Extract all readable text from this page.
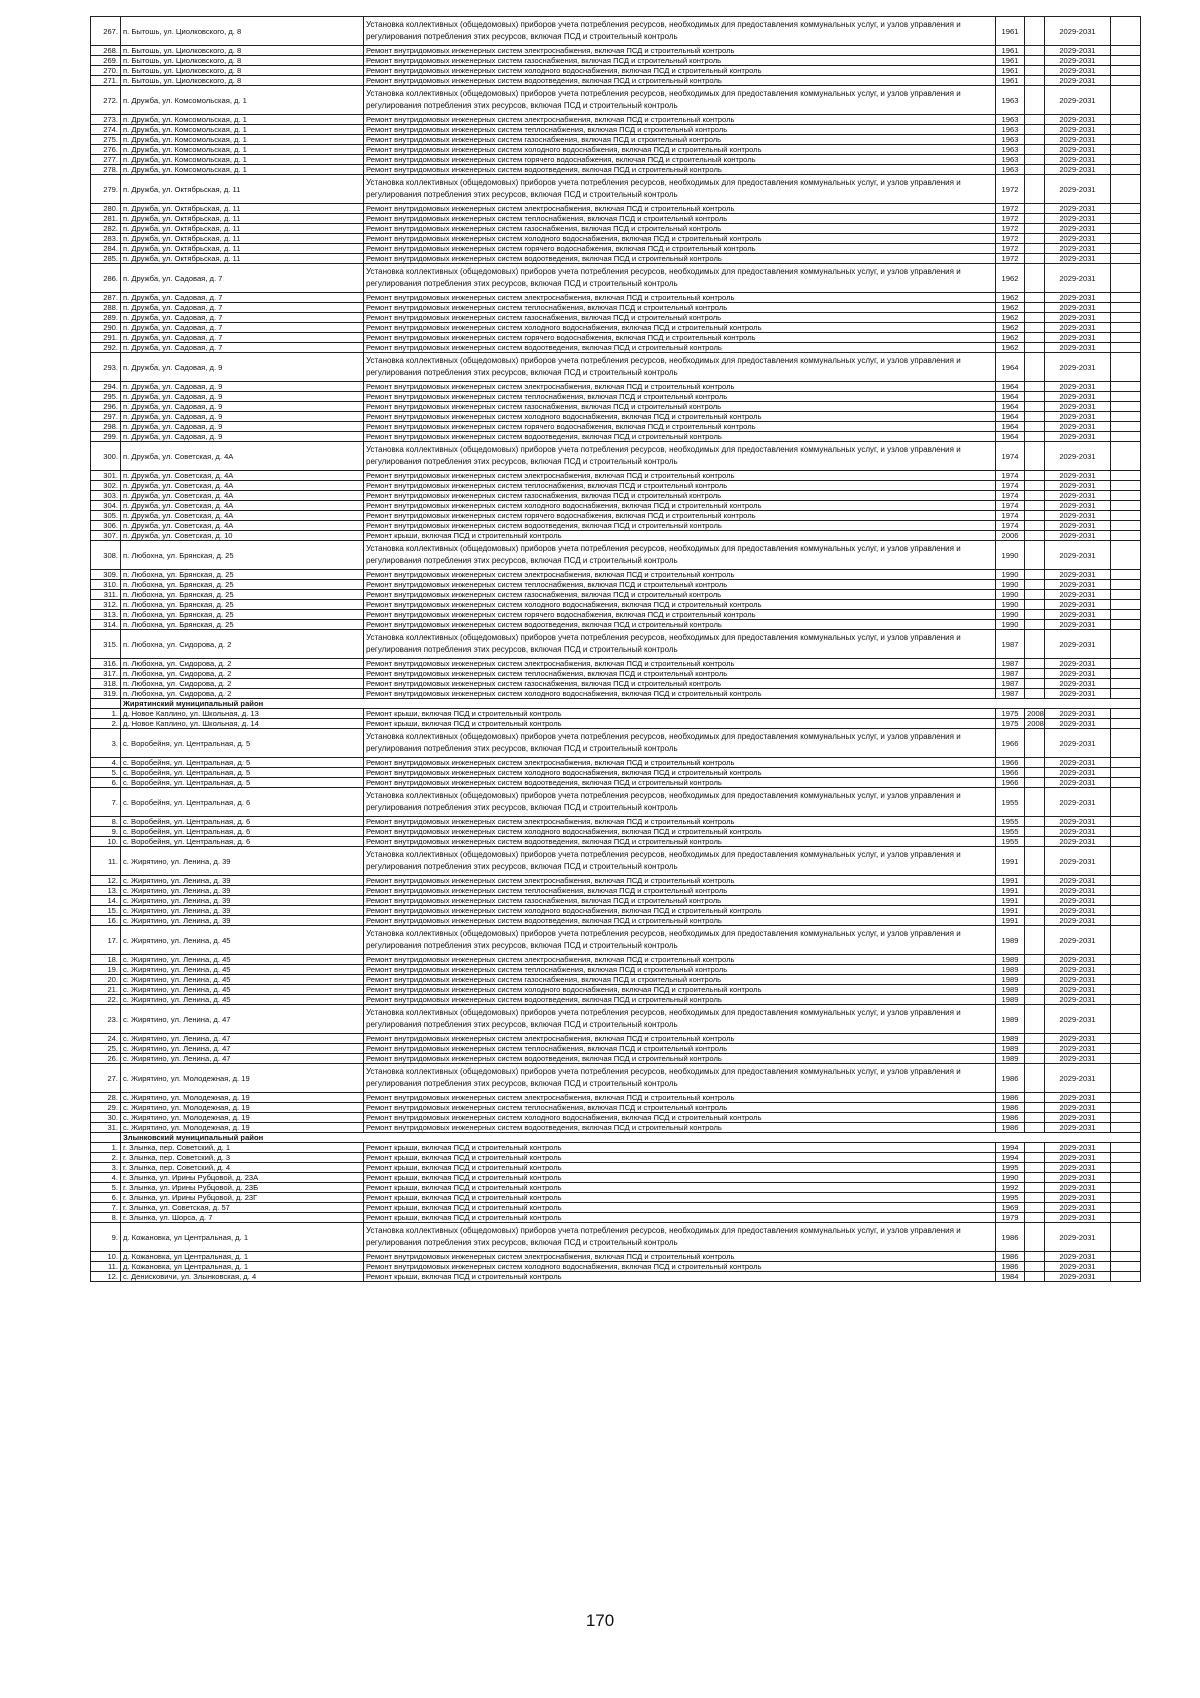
267.	п. Бытошь, ул. Циолковского, д. 8	Установка коллективных (общедомовых) приборов учета потребления ресурсов, необходимых для предоставления коммунальных услуг, и узлов управления и регулирования потребления этих ресурсов, включая ПСД и строительный контроль	1961		2029-2031	
268.	п. Бытошь, ул. Циолковского, д. 8	Ремонт внутридомовых инженерных систем электроснабжения, включая ПСД и строительный контроль	1961		2029-2031	
269.	п. Бытошь, ул. Циолковского, д. 8	Ремонт внутридомовых инженерных систем газоснабжения, включая ПСД и строительный контроль	1961		2029-2031	
270.	п. Бытошь, ул. Циолковского, д. 8	Ремонт внутридомовых инженерных систем холодного водоснабжения, включая ПСД и строительный контроль	1961		2029-2031	
271.	п. Бытошь, ул. Циолковского, д. 8	Ремонт внутридомовых инженерных систем водоотведения, включая ПСД и строительный контроль	1961		2029-2031	
272.	п. Дружба, ул. Комсомольская, д. 1	Установка коллективных (общедомовых) приборов учета потребления ресурсов, необходимых для предоставления коммунальных услуг, и узлов управления и регулирования потребления этих ресурсов, включая ПСД и строительный контроль	1963		2029-2031	
273.	п. Дружба, ул. Комсомольская, д. 1	Ремонт внутридомовых инженерных систем электроснабжения, включая ПСД и строительный контроль	1963		2029-2031	
274.	п. Дружба, ул. Комсомольская, д. 1	Ремонт внутридомовых инженерных систем теплоснабжения, включая ПСД и строительный контроль	1963		2029-2031	
275.	п. Дружба, ул. Комсомольская, д. 1	Ремонт внутридомовых инженерных систем газоснабжения, включая ПСД и строительный контроль	1963		2029-2031	
276.	п. Дружба, ул. Комсомольская, д. 1	Ремонт внутридомовых инженерных систем холодного водоснабжения, включая ПСД и строительный контроль	1963		2029-2031	
277.	п. Дружба, ул. Комсомольская, д. 1	Ремонт внутридомовых инженерных систем горячего водоснабжения, включая ПСД и строительный контроль	1963		2029-2031	
278.	п. Дружба, ул. Комсомольская, д. 1	Ремонт внутридомовых инженерных систем водоотведения, включая ПСД и строительный контроль	1963		2029-2031	
279.	п. Дружба, ул. Октябрьская, д. 11	Установка коллективных (общедомовых) приборов учета потребления ресурсов, необходимых для предоставления коммунальных услуг, и узлов управления и регулирования потребления этих ресурсов, включая ПСД и строительный контроль	1972		2029-2031	
280.	п. Дружба, ул. Октябрьская, д. 11	Ремонт внутридомовых инженерных систем электроснабжения, включая ПСД и строительный контроль	1972		2029-2031	
281.	п. Дружба, ул. Октябрьская, д. 11	Ремонт внутридомовых инженерных систем теплоснабжения, включая ПСД и строительный контроль	1972		2029-2031	
282.	п. Дружба, ул. Октябрьская, д. 11	Ремонт внутридомовых инженерных систем газоснабжения, включая ПСД и строительный контроль	1972		2029-2031	
283.	п. Дружба, ул. Октябрьская, д. 11	Ремонт внутридомовых инженерных систем холодного водоснабжения, включая ПСД и строительный контроль	1972		2029-2031	
284.	п. Дружба, ул. Октябрьская, д. 11	Ремонт внутридомовых инженерных систем горячего водоснабжения, включая ПСД и строительный контроль	1972		2029-2031	
285.	п. Дружба, ул. Октябрьская, д. 11	Ремонт внутридомовых инженерных систем водоотведения, включая ПСД и строительный контроль	1972		2029-2031	
286.	п. Дружба, ул. Садовая, д. 7	Установка коллективных (общедомовых) приборов учета потребления ресурсов, необходимых для предоставления коммунальных услуг, и узлов управления и регулирования потребления этих ресурсов, включая ПСД и строительный контроль	1962		2029-2031	
287.	п. Дружба, ул. Садовая, д. 7	Ремонт внутридомовых инженерных систем электроснабжения, включая ПСД и строительный контроль	1962		2029-2031	
288.	п. Дружба, ул. Садовая, д. 7	Ремонт внутридомовых инженерных систем теплоснабжения, включая ПСД и строительный контроль	1962		2029-2031	
289.	п. Дружба, ул. Садовая, д. 7	Ремонт внутридомовых инженерных систем газоснабжения, включая ПСД и строительный контроль	1962		2029-2031	
290.	п. Дружба, ул. Садовая, д. 7	Ремонт внутридомовых инженерных систем холодного водоснабжения, включая ПСД и строительный контроль	1962		2029-2031	
291.	п. Дружба, ул. Садовая, д. 7	Ремонт внутридомовых инженерных систем горячего водоснабжения, включая ПСД и строительный контроль	1962		2029-2031	
292.	п. Дружба, ул. Садовая, д. 7	Ремонт внутридомовых инженерных систем водоотведения, включая ПСД и строительный контроль	1962		2029-2031	
293.	п. Дружба, ул. Садовая, д. 9	Установка коллективных (общедомовых) приборов учета потребления ресурсов, необходимых для предоставления коммунальных услуг, и узлов управления и регулирования потребления этих ресурсов, включая ПСД и строительный контроль	1964		2029-2031	
294.	п. Дружба, ул. Садовая, д. 9	Ремонт внутридомовых инженерных систем электроснабжения, включая ПСД и строительный контроль	1964		2029-2031	
295.	п. Дружба, ул. Садовая, д. 9	Ремонт внутридомовых инженерных систем теплоснабжения, включая ПСД и строительный контроль	1964		2029-2031	
296.	п. Дружба, ул. Садовая, д. 9	Ремонт внутридомовых инженерных систем газоснабжения, включая ПСД и строительный контроль	1964		2029-2031	
297.	п. Дружба, ул. Садовая, д. 9	Ремонт внутридомовых инженерных систем холодного водоснабжения, включая ПСД и строительный контроль	1964		2029-2031	
298.	п. Дружба, ул. Садовая, д. 9	Ремонт внутридомовых инженерных систем горячего водоснабжения, включая ПСД и строительный контроль	1964		2029-2031	
299.	п. Дружба, ул. Садовая, д. 9	Ремонт внутридомовых инженерных систем водоотведения, включая ПСД и строительный контроль	1964		2029-2031	
300.	п. Дружба, ул. Советская, д. 4А	Установка коллективных (общедомовых) приборов учета потребления ресурсов, необходимых для предоставления коммунальных услуг, и узлов управления и регулирования потребления этих ресурсов, включая ПСД и строительный контроль	1974		2029-2031	
301.	п. Дружба, ул. Советская, д. 4А	Ремонт внутридомовых инженерных систем электроснабжения, включая ПСД и строительный контроль	1974		2029-2031	
302.	п. Дружба, ул. Советская, д. 4А	Ремонт внутридомовых инженерных систем теплоснабжения, включая ПСД и строительный контроль	1974		2029-2031	
303.	п. Дружба, ул. Советская, д. 4А	Ремонт внутридомовых инженерных систем газоснабжения, включая ПСД и строительный контроль	1974		2029-2031	
304.	п. Дружба, ул. Советская, д. 4А	Ремонт внутридомовых инженерных систем холодного водоснабжения, включая ПСД и строительный контроль	1974		2029-2031	
305.	п. Дружба, ул. Советская, д. 4А	Ремонт внутридомовых инженерных систем горячего водоснабжения, включая ПСД и строительный контроль	1974		2029-2031	
306.	п. Дружба, ул. Советская, д. 4А	Ремонт внутридомовых инженерных систем водоотведения, включая ПСД и строительный контроль	1974		2029-2031	
307.	п. Дружба, ул. Советская, д. 10	Ремонт крыши, включая ПСД и строительный контроль	2006		2029-2031	
308.	п. Любохна, ул. Брянская, д. 25	Установка коллективных (общедомовых) приборов учета потребления ресурсов, необходимых для предоставления коммунальных услуг, и узлов управления и регулирования потребления этих ресурсов, включая ПСД и строительный контроль	1990		2029-2031	
309.	п. Любохна, ул. Брянская, д. 25	Ремонт внутридомовых инженерных систем электроснабжения, включая ПСД и строительный контроль	1990		2029-2031	
310.	п. Любохна, ул. Брянская, д. 25	Ремонт внутридомовых инженерных систем теплоснабжения, включая ПСД и строительный контроль	1990		2029-2031	
311.	п. Любохна, ул. Брянская, д. 25	Ремонт внутридомовых инженерных систем газоснабжения, включая ПСД и строительный контроль	1990		2029-2031	
312.	п. Любохна, ул. Брянская, д. 25	Ремонт внутридомовых инженерных систем холодного водоснабжения, включая ПСД и строительный контроль	1990		2029-2031	
313.	п. Любохна, ул. Брянская, д. 25	Ремонт внутридомовых инженерных систем горячего водоснабжения, включая ПСД и строительный контроль	1990		2029-2031	
314.	п. Любохна, ул. Брянская, д. 25	Ремонт внутридомовых инженерных систем водоотведения, включая ПСД и строительный контроль	1990		2029-2031	
315.	п. Любохна, ул. Сидорова, д. 2	Установка коллективных (общедомовых) приборов учета потребления ресурсов, необходимых для предоставления коммунальных услуг, и узлов управления и регулирования потребления этих ресурсов, включая ПСД и строительный контроль	1987		2029-2031	
316.	п. Любохна, ул. Сидорова, д. 2	Ремонт внутридомовых инженерных систем электроснабжения, включая ПСД и строительный контроль	1987		2029-2031	
317.	п. Любохна, ул. Сидорова, д. 2	Ремонт внутридомовых инженерных систем теплоснабжения, включая ПСД и строительный контроль	1987		2029-2031	
318.	п. Любохна, ул. Сидорова, д. 2	Ремонт внутридомовых инженерных систем газоснабжения, включая ПСД и строительный контроль	1987		2029-2031	
319.	п. Любохна, ул. Сидорова, д. 2	Ремонт внутридомовых инженерных систем холодного водоснабжения, включая ПСД и строительный контроль	1987		2029-2031	
	Жирятинский муниципальный район					
1.	д. Новое Каплино, ул. Школьная, д. 13	Ремонт крыши, включая ПСД и строительный контроль	1975	2008	2029-2031	
2.	д. Новое Каплино, ул. Школьная, д. 14	Ремонт крыши, включая ПСД и строительный контроль	1975	2008	2029-2031	
3.	с. Воробейня, ул. Центральная, д. 5	Установка коллективных (общедомовых) приборов учета потребления ресурсов, необходимых для предоставления коммунальных услуг, и узлов управления и регулирования потребления этих ресурсов, включая ПСД и строительный контроль	1966		2029-2031	
4.	с. Воробейня, ул. Центральная, д. 5	Ремонт внутридомовых инженерных систем электроснабжения, включая ПСД и строительный контроль	1966		2029-2031	
5.	с. Воробейня, ул. Центральная, д. 5	Ремонт внутридомовых инженерных систем холодного водоснабжения, включая ПСД и строительный контроль	1966		2029-2031	
6.	с. Воробейня, ул. Центральная, д. 5	Ремонт внутридомовых инженерных систем водоотведения, включая ПСД и строительный контроль	1966		2029-2031	
7.	с. Воробейня, ул. Центральная, д. 6	Установка коллективных (общедомовых) приборов учета потребления ресурсов, необходимых для предоставления коммунальных услуг, и узлов управления и регулирования потребления этих ресурсов, включая ПСД и строительный контроль	1955		2029-2031	
8.	с. Воробейня, ул. Центральная, д. 6	Ремонт внутридомовых инженерных систем электроснабжения, включая ПСД и строительный контроль	1955		2029-2031	
9.	с. Воробейня, ул. Центральная, д. 6	Ремонт внутридомовых инженерных систем холодного водоснабжения, включая ПСД и строительный контроль	1955		2029-2031	
10.	с. Воробейня, ул. Центральная, д. 6	Ремонт внутридомовых инженерных систем водоотведения, включая ПСД и строительный контроль	1955		2029-2031	
11.	с. Жирятино, ул. Ленина, д. 39	Установка коллективных (общедомовых) приборов учета потребления ресурсов, необходимых для предоставления коммунальных услуг, и узлов управления и регулирования потребления этих ресурсов, включая ПСД и строительный контроль	1991		2029-2031	
12.	с. Жирятино, ул. Ленина, д. 39	Ремонт внутридомовых инженерных систем электроснабжения, включая ПСД и строительный контроль	1991		2029-2031	
13.	с. Жирятино, ул. Ленина, д. 39	Ремонт внутридомовых инженерных систем теплоснабжения, включая ПСД и строительный контроль	1991		2029-2031	
14.	с. Жирятино, ул. Ленина, д. 39	Ремонт внутридомовых инженерных систем газоснабжения, включая ПСД и строительный контроль	1991		2029-2031	
15.	с. Жирятино, ул. Ленина, д. 39	Ремонт внутридомовых инженерных систем холодного водоснабжения, включая ПСД и строительный контроль	1991		2029-2031	
16.	с. Жирятино, ул. Ленина, д. 39	Ремонт внутридомовых инженерных систем водоотведения, включая ПСД и строительный контроль	1991		2029-2031	
17.	с. Жирятино, ул. Ленина, д. 45	Установка коллективных (общедомовых) приборов учета потребления ресурсов, необходимых для предоставления коммунальных услуг, и узлов управления и регулирования потребления этих ресурсов, включая ПСД и строительный контроль	1989		2029-2031	
18.	с. Жирятино, ул. Ленина, д. 45	Ремонт внутридомовых инженерных систем электроснабжения, включая ПСД и строительный контроль	1989		2029-2031	
19.	с. Жирятино, ул. Ленина, д. 45	Ремонт внутридомовых инженерных систем теплоснабжения, включая ПСД и строительный контроль	1989		2029-2031	
20.	с. Жирятино, ул. Ленина, д. 45	Ремонт внутридомовых инженерных систем газоснабжения, включая ПСД и строительный контроль	1989		2029-2031	
21.	с. Жирятино, ул. Ленина, д. 45	Ремонт внутридомовых инженерных систем холодного водоснабжения, включая ПСД и строительный контроль	1989		2029-2031	
22.	с. Жирятино, ул. Ленина, д. 45	Ремонт внутридомовых инженерных систем водоотведения, включая ПСД и строительный контроль	1989		2029-2031	
23.	с. Жирятино, ул. Ленина, д. 47	Установка коллективных (общедомовых) приборов учета потребления ресурсов, необходимых для предоставления коммунальных услуг, и узлов управления и регулирования потребления этих ресурсов, включая ПСД и строительный контроль	1989		2029-2031	
24.	с. Жирятино, ул. Ленина, д. 47	Ремонт внутридомовых инженерных систем электроснабжения, включая ПСД и строительный контроль	1989		2029-2031	
25.	с. Жирятино, ул. Ленина, д. 47	Ремонт внутридомовых инженерных систем теплоснабжения, включая ПСД и строительный контроль	1989		2029-2031	
26.	с. Жирятино, ул. Ленина, д. 47	Ремонт внутридомовых инженерных систем водоотведения, включая ПСД и строительный контроль	1989		2029-2031	
27.	с. Жирятино, ул. Молодежная, д. 19	Установка коллективных (общедомовых) приборов учета потребления ресурсов, необходимых для предоставления коммунальных услуг, и узлов управления и регулирования потребления этих ресурсов, включая ПСД и строительный контроль	1986		2029-2031	
28.	с. Жирятино, ул. Молодежная, д. 19	Ремонт внутридомовых инженерных систем электроснабжения, включая ПСД и строительный контроль	1986		2029-2031	
29.	с. Жирятино, ул. Молодежная, д. 19	Ремонт внутридомовых инженерных систем теплоснабжения, включая ПСД и строительный контроль	1986		2029-2031	
30.	с. Жирятино, ул. Молодежная, д. 19	Ремонт внутридомовых инженерных систем холодного водоснабжения, включая ПСД и строительный контроль	1986		2029-2031	
31.	с. Жирятино, ул. Молодежная, д. 19	Ремонт внутридомовых инженерных систем водоотведения, включая ПСД и строительный контроль	1986		2029-2031	
	Злынковский муниципальный район					
1.	г. Злынка, пер. Советский, д. 1	Ремонт крыши, включая ПСД и строительный контроль	1994		2029-2031	
2.	г. Злынка, пер. Советский, д. 3	Ремонт крыши, включая ПСД и строительный контроль	1994		2029-2031	
3.	г. Злынка, пер. Советский, д. 4	Ремонт крыши, включая ПСД и строительный контроль	1995		2029-2031	
4.	г. Злынка, ул. Ирины Рубцовой, д. 23А	Ремонт крыши, включая ПСД и строительный контроль	1990		2029-2031	
5.	г. Злынка, ул. Ирины Рубцовой, д. 23Б	Ремонт крыши, включая ПСД и строительный контроль	1992		2029-2031	
6.	г. Злынка, ул. Ирины Рубцовой, д. 23Г	Ремонт крыши, включая ПСД и строительный контроль	1995		2029-2031	
7.	г. Злынка, ул. Советская, д. 57	Ремонт крыши, включая ПСД и строительный контроль	1969		2029-2031	
8.	г. Злынка, ул. Шорса, д. 7	Ремонт крыши, включая ПСД и строительный контроль	1979		2029-2031	
9.	д. Кожановка, ул Центральная, д. 1	Установка коллективных (общедомовых) приборов учета потребления ресурсов, необходимых для предоставления коммунальных услуг, и узлов управления и регулирования потребления этих ресурсов, включая ПСД и строительный контроль	1986		2029-2031	
10.	д. Кожановка, ул Центральная, д. 1	Ремонт внутридомовых инженерных систем электроснабжения, включая ПСД и строительный контроль	1986		2029-2031	
11.	д. Кожановка, ул Центральная, д. 1	Ремонт внутридомовых инженерных систем холодного водоснабжения, включая ПСД и строительный контроль	1986		2029-2031	
12.	с. Денисковичи, ул. Злынковская, д. 4	Ремонт крыши, включая ПСД и строительный контроль	1984		2029-2031	
170
